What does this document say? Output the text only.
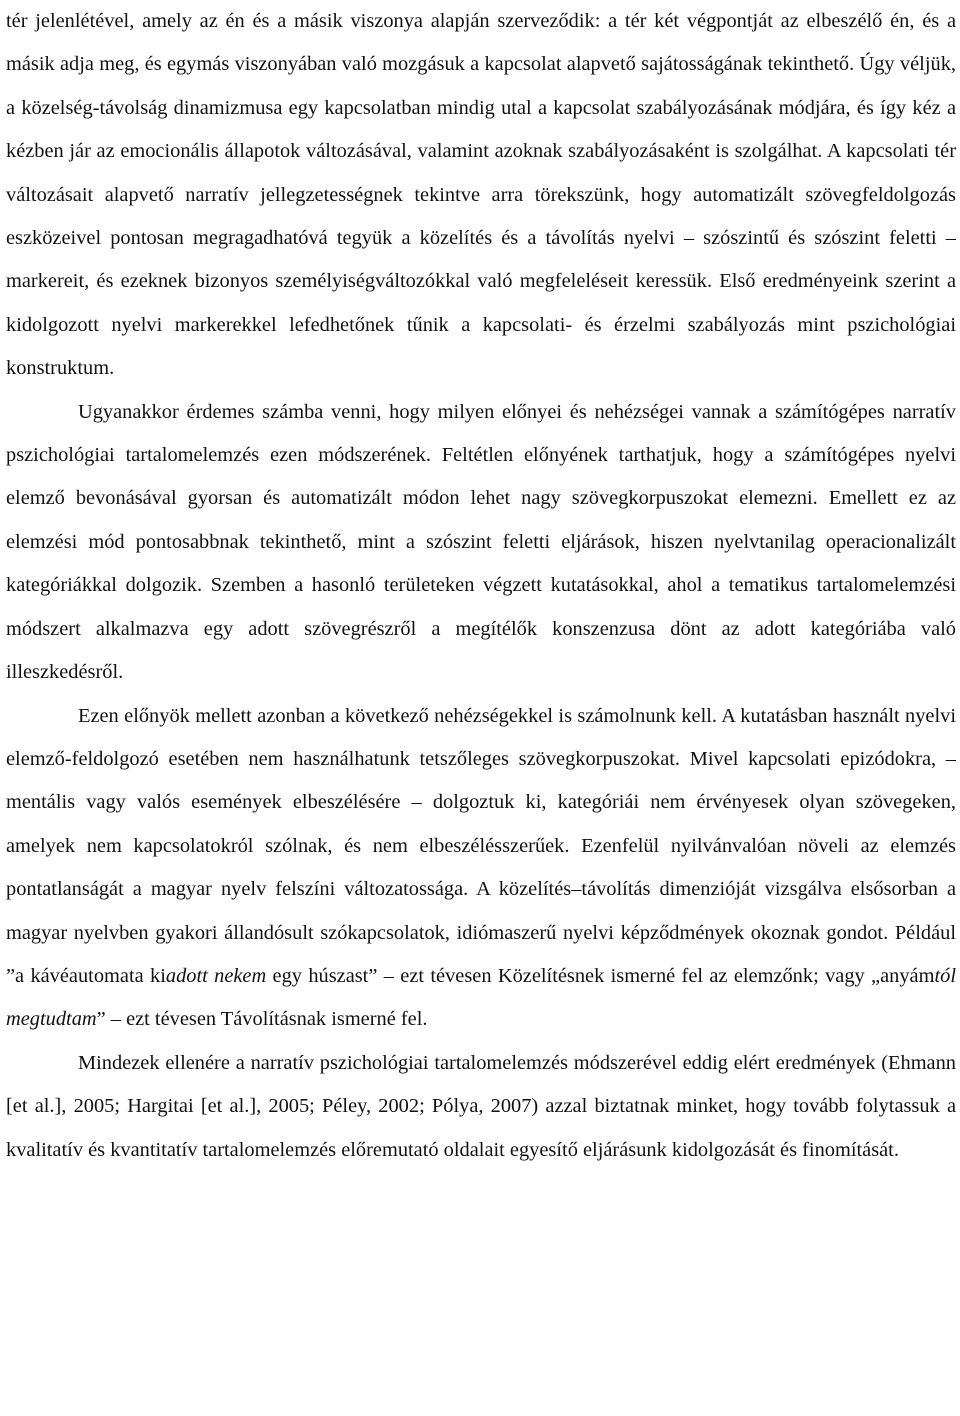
tér jelenlétével, amely az én és a másik viszonya alapján szerveződik: a tér két végpontját az elbeszélő én, és a másik adja meg, és egymás viszonyában való mozgásuk a kapcsolat alapvető sajátosságának tekinthető. Úgy véljük, a közelség-távolság dinamizmusa egy kapcsolatban mindig utal a kapcsolat szabályozásának módjára, és így kéz a kézben jár az emocionális állapotok változásával, valamint azoknak szabályozásaként is szolgálhat. A kapcsolati tér változásait alapvető narratív jellegzetességnek tekintve arra törekszünk, hogy automatizált szövegfeldolgozás eszközeivel pontosan megragadhatóvá tegyük a közelítés és a távolítás nyelvi – szószintű és szószint feletti – markereit, és ezeknek bizonyos személyiségváltozókkal való megfeleléseit keressük. Első eredményeink szerint a kidolgozott nyelvi markerekkel lefedhetőnek tűnik a kapcsolati- és érzelmi szabályozás mint pszichológiai konstruktum.

Ugyanakkor érdemes számba venni, hogy milyen előnyei és nehézségei vannak a számítógépes narratív pszichológiai tartalomelemzés ezen módszerének. Feltétlen előnyének tarthatjuk, hogy a számítógépes nyelvi elemző bevonásával gyorsan és automatizált módon lehet nagy szövegkorpuszokat elemezni. Emellett ez az elemzési mód pontosabbnak tekinthető, mint a szószint feletti eljárások, hiszen nyelvtanilag operacionalizált kategóriákkal dolgozik. Szemben a hasonló területeken végzett kutatásokkal, ahol a tematikus tartalomelemzési módszert alkalmazva egy adott szövegrészről a megítélők konszenzusa dönt az adott kategóriába való illeszkedésről.

Ezen előnyök mellett azonban a következő nehézségekkel is számolnunk kell. A kutatásban használt nyelvi elemző-feldolgozó esetében nem használhatunk tetszőleges szövegkorpuszokat. Mivel kapcsolati epizódokra, – mentális vagy valós események elbeszélésére – dolgoztuk ki, kategóriái nem érvényesek olyan szövegeken, amelyek nem kapcsolatokról szólnak, és nem elbeszélésszerűek. Ezenfelül nyilvánvalóan növeli az elemzés pontatlanságát a magyar nyelv felszíni változatossága. A közelítés–távolítás dimenzióját vizsgálva elsősorban a magyar nyelvben gyakori állandósult szókapcsolatok, idiómaszerű nyelvi képződmények okoznak gondot. Például ”a kávéautomata kiadott nekem egy húszast” – ezt tévesen Közelítésnek ismerné fel az elemzőnk; vagy „anyámtól megtudtam” – ezt tévesen Távolításnak ismerné fel.

Mindezek ellenére a narratív pszichológiai tartalomelemzés módszerével eddig elért eredmények (Ehmann [et al.], 2005; Hargitai [et al.], 2005; Péley, 2002; Pólya, 2007) azzal biztatnak minket, hogy tovább folytassuk a kvalitatív és kvantitatív tartalomelemzés előremutató oldalait egyesítő eljárásunk kidolgozását és finomítását.
